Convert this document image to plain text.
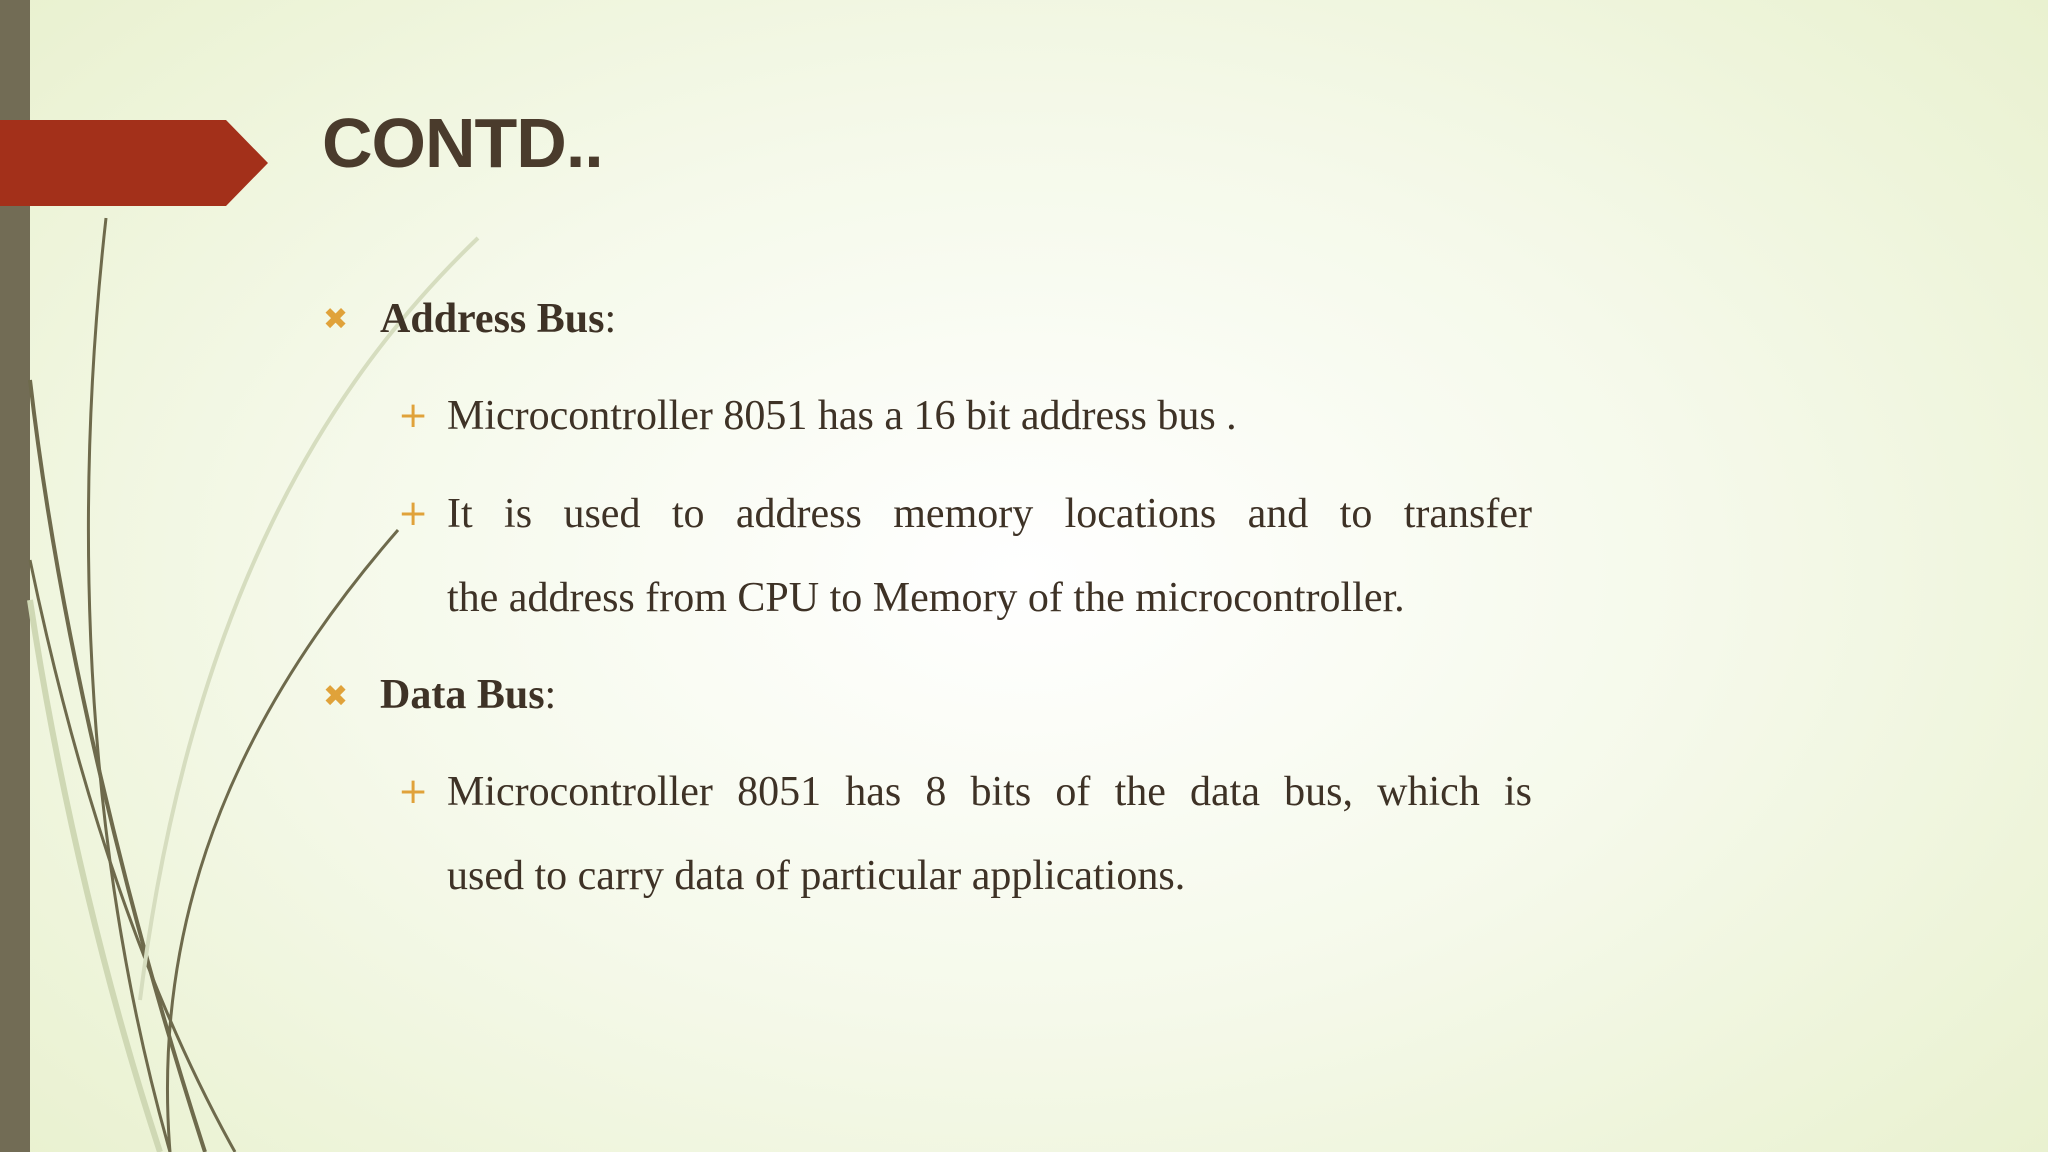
CONTD..
✖ Address Bus:
+ Microcontroller 8051 has a 16 bit address bus .
+ It is used to address memory locations and to transfer
the address from CPU to Memory of the microcontroller.
✖ Data Bus:
+ Microcontroller 8051 has 8 bits of the data bus, which is
used to carry data of particular applications.
